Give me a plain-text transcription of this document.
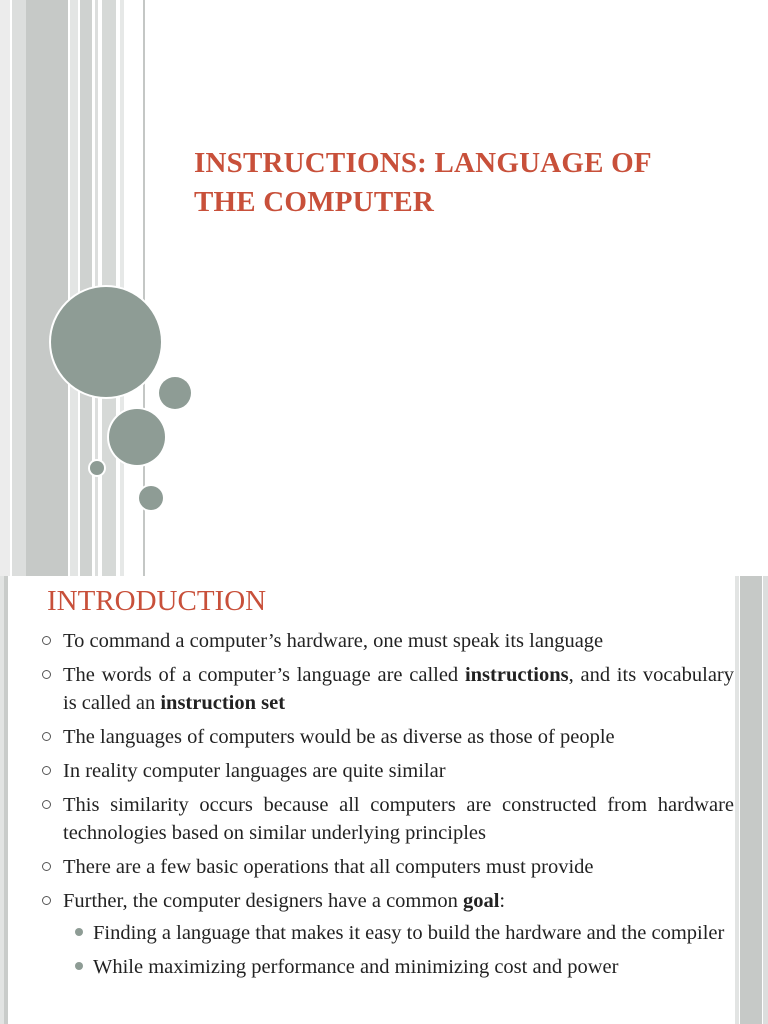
INSTRUCTIONS: LANGUAGE OF
THE COMPUTER
INTRODUCTION
To command a computer’s hardware, one must speak its language
The words of a computer’s language are called instructions, and its vocabulary is called an instruction set
The languages of computers would be as diverse as those of people
In reality computer languages are quite similar
This similarity occurs because all computers are constructed from hardware technologies based on similar underlying principles
There are a few basic operations that all computers must provide
Further, the computer designers have a common goal:
Finding a language that makes it easy to build the hardware and the compiler
While maximizing performance and minimizing cost and power
